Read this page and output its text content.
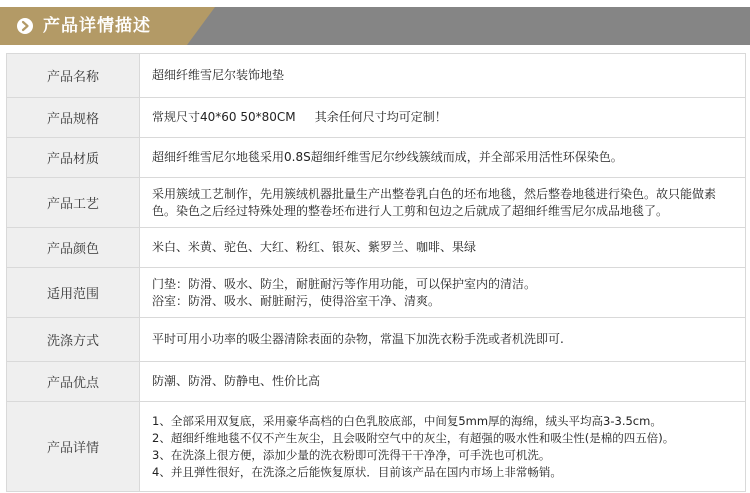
产品详情描述
产品名称	超细纤维雪尼尔装饰地垫
产品规格	常规尺寸40*60 50*80CM     其余任何尺寸均可定制！
产品材质	超细纤维雪尼尔地毯采用0.8S超细纤维雪尼尔纱线簇绒而成，并全部采用活性环保染色。
产品工艺	采用簇绒工艺制作，先用簇绒机器批量生产出整卷乳白色的坯布地毯，然后整卷地毯进行染色。故只能做素色。染色之后经过特殊处理的整卷坯布进行人工剪和包边之后就成了超细纤维雪尼尔成品地毯了。
产品颜色	米白、米黄、驼色、大红、粉红、银灰、紫罗兰、咖啡、果绿
适用范围	门垫：防滑、吸水、防尘，耐脏耐污等作用功能，可以保护室内的清洁。
浴室：防滑、吸水、耐脏耐污，使得浴室干净、清爽。

洗涤方式	平时可用小功率的吸尘器清除表面的杂物，常温下加洗衣粉手洗或者机洗即可.
产品优点	防潮、防滑、防静电、性价比高
产品详情	1、全部采用双复底，采用豪华高档的白色乳胶底部，中间复5mm厚的海绵，绒头平均高3-3.5cm。

2、超细纤维地毯不仅不产生灰尘，且会吸附空气中的灰尘，有超强的吸水性和吸尘性(是棉的四五倍)。

3、在洗涤上很方便，添加少量的洗衣粉即可洗得干干净净，可手洗也可机洗。

4、并且弹性很好，在洗涤之后能恢复原状．目前该产品在国内市场上非常畅销。
